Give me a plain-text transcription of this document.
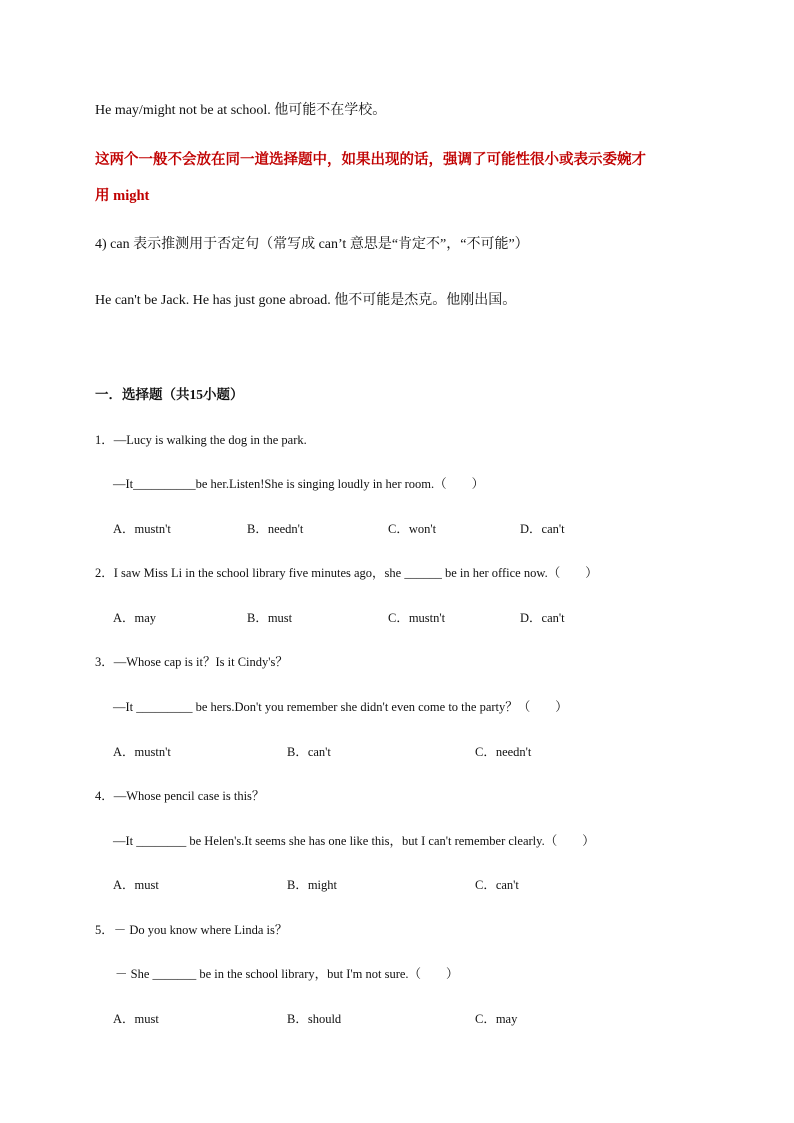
He may/might not be at school. 他可能不在学校。
这两个一般不会放在同一道选择题中，如果出现的话，强调了可能性很小或表示委婉才
用 might
4) can 表示推测用于否定句（常写成 can’t 意思是“肯定不”，“不可能”）
He can't be Jack. He has just gone abroad. 他不可能是杰克。他刚出国。
一．选择题（共15小题）
1．—Lucy is walking the dog in the park.
—It__________be her.Listen!She is singing loudly in her room.（　　）
A．mustn't	B．needn't	C．won't	D．can't
2．I saw Miss Li in the school library five minutes ago，she ______ be in her office now.（　　）
A．may	B．must	C．mustn't	D．can't
3．—Whose cap is it？Is it Cindy's？
—It _________ be hers.Don't you remember she didn't even come to the party？（　　）
A．mustn't	B．can't	C．needn't
4．—Whose pencil case is this？
—It ________ be Helen's.It seems she has one like this，but I can't remember clearly.（　　）
A．must	B．might	C．can't
5．－ Do you know where Linda is？
－ She _______ be in the school library，but I'm not sure.（　　）
A．must	B．should	C．may
